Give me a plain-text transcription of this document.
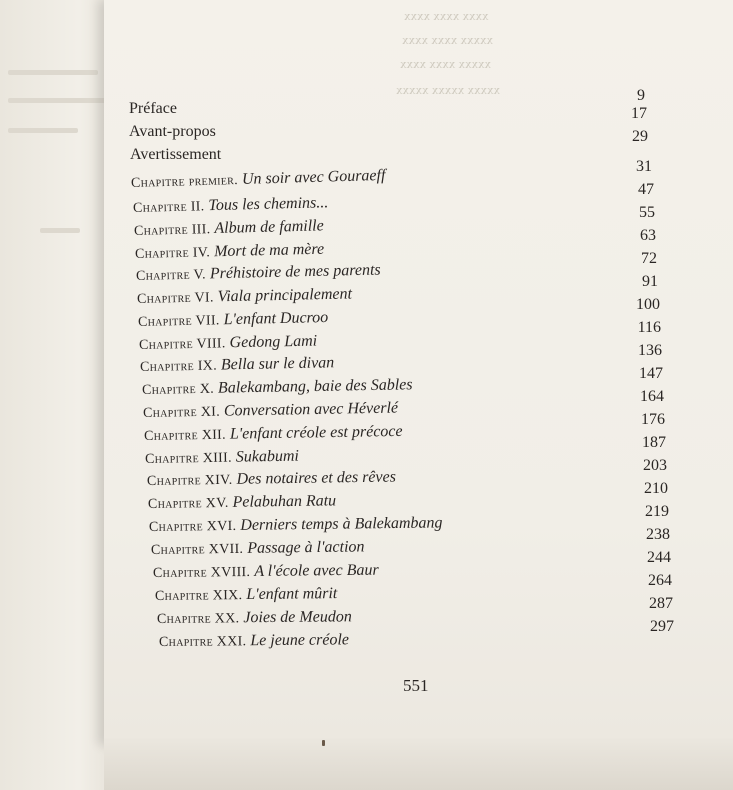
xxxx xxxx xxxx
xxxxx xxxx xxxx
xxxxx xxxx xxxx
xxxxx xxxxx xxxxx
Préface
Avant-propos
Avertissement
Chapitre premier. Un soir avec Gouraeff
Chapitre II. Tous les chemins...
Chapitre III. Album de famille
Chapitre IV. Mort de ma mère
Chapitre V. Préhistoire de mes parents
Chapitre VI. Viala principalement
Chapitre VII. L'enfant Ducroo
Chapitre VIII. Gedong Lami
Chapitre IX. Bella sur le divan
Chapitre X. Balekambang, baie des Sables
Chapitre XI. Conversation avec Héverlé
Chapitre XII. L'enfant créole est précoce
Chapitre XIII. Sukabumi
Chapitre XIV. Des notaires et des rêves
Chapitre XV. Pelabuhan Ratu
Chapitre XVI. Derniers temps à Balekambang
Chapitre XVII. Passage à l'action
Chapitre XVIII. A l'école avec Baur
Chapitre XIX. L'enfant mûrit
Chapitre XX. Joies de Meudon
Chapitre XXI. Le jeune créole
9
17
29
31
47
55
63
72
91
100
116
136
147
164
176
187
203
210
219
238
244
264
287
297
551
